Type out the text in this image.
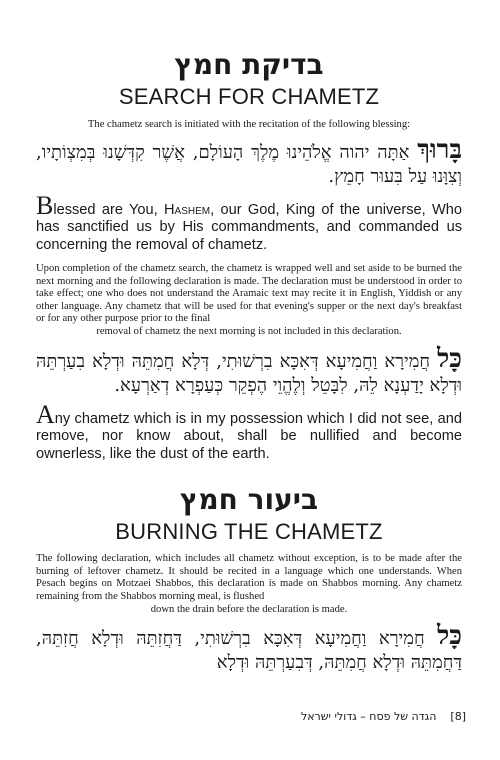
בדיקת חמץ
SEARCH FOR CHAMETZ
The chametz search is initiated with the recitation of the following blessing:
בָּרוּךְ אַתָּה יהוה אֱלֹהֵינוּ מֶלֶךְ הָעוֹלָם, אֲשֶׁר קִדְּשָׁנוּ בְּמִצְוֹתָיו, וְצִוָּנוּ עַל בִּעוּר חָמֵץ.
Blessed are You, Hashem, our God, King of the universe, Who has sanctified us by His commandments, and commanded us concerning the removal of chametz.
Upon completion of the chametz search, the chametz is wrapped well and set aside to be burned the next morning and the following declaration is made. The declaration must be understood in order to take effect; one who does not understand the Aramaic text may recite it in English, Yiddish or any other language. Any chametz that will be used for that evening's supper or the next day's breakfast or for any other purpose prior to the final
removal of chametz the next morning is not included in this declaration.
כָּל חֲמִירָא וַחֲמִיעָא דְּאִכָּא בִרְשׁוּתִי, דְּלָא חֲמִתֵּהּ וּדְלָא בִעַרְתֵּהּ וּדְלָא יָדַעְנָא לֵהּ, לִבָּטֵל וְלֶהֱוֵי הֶפְקֵר כְּעַפְרָא דְאַרְעָא.
Any chametz which is in my possession which I did not see, and remove, nor know about, shall be nullified and become ownerless, like the dust of the earth.
ביעור חמץ
BURNING THE CHAMETZ
The following declaration, which includes all chametz without exception, is to be made after the burning of leftover chametz. It should be recited in a language which one understands. When Pesach begins on Motzaei Shabbos, this declaration is made on Shabbos morning. Any chametz remaining from the Shabbos morning meal, is flushed
down the drain before the declaration is made.
כָּל חֲמִירָא וַחֲמִיעָא דְּאִכָּא בִרְשׁוּתִי, דַּחֲזִתֵּהּ וּדְלָא חֲזִתֵּהּ, דַּחֲמִתֵּהּ וּדְלָא חֲמִתֵּהּ, דְּבִעַרְתֵּהּ וּדְלָא
[8]    הגדה של פסח – גדולי ישראל
